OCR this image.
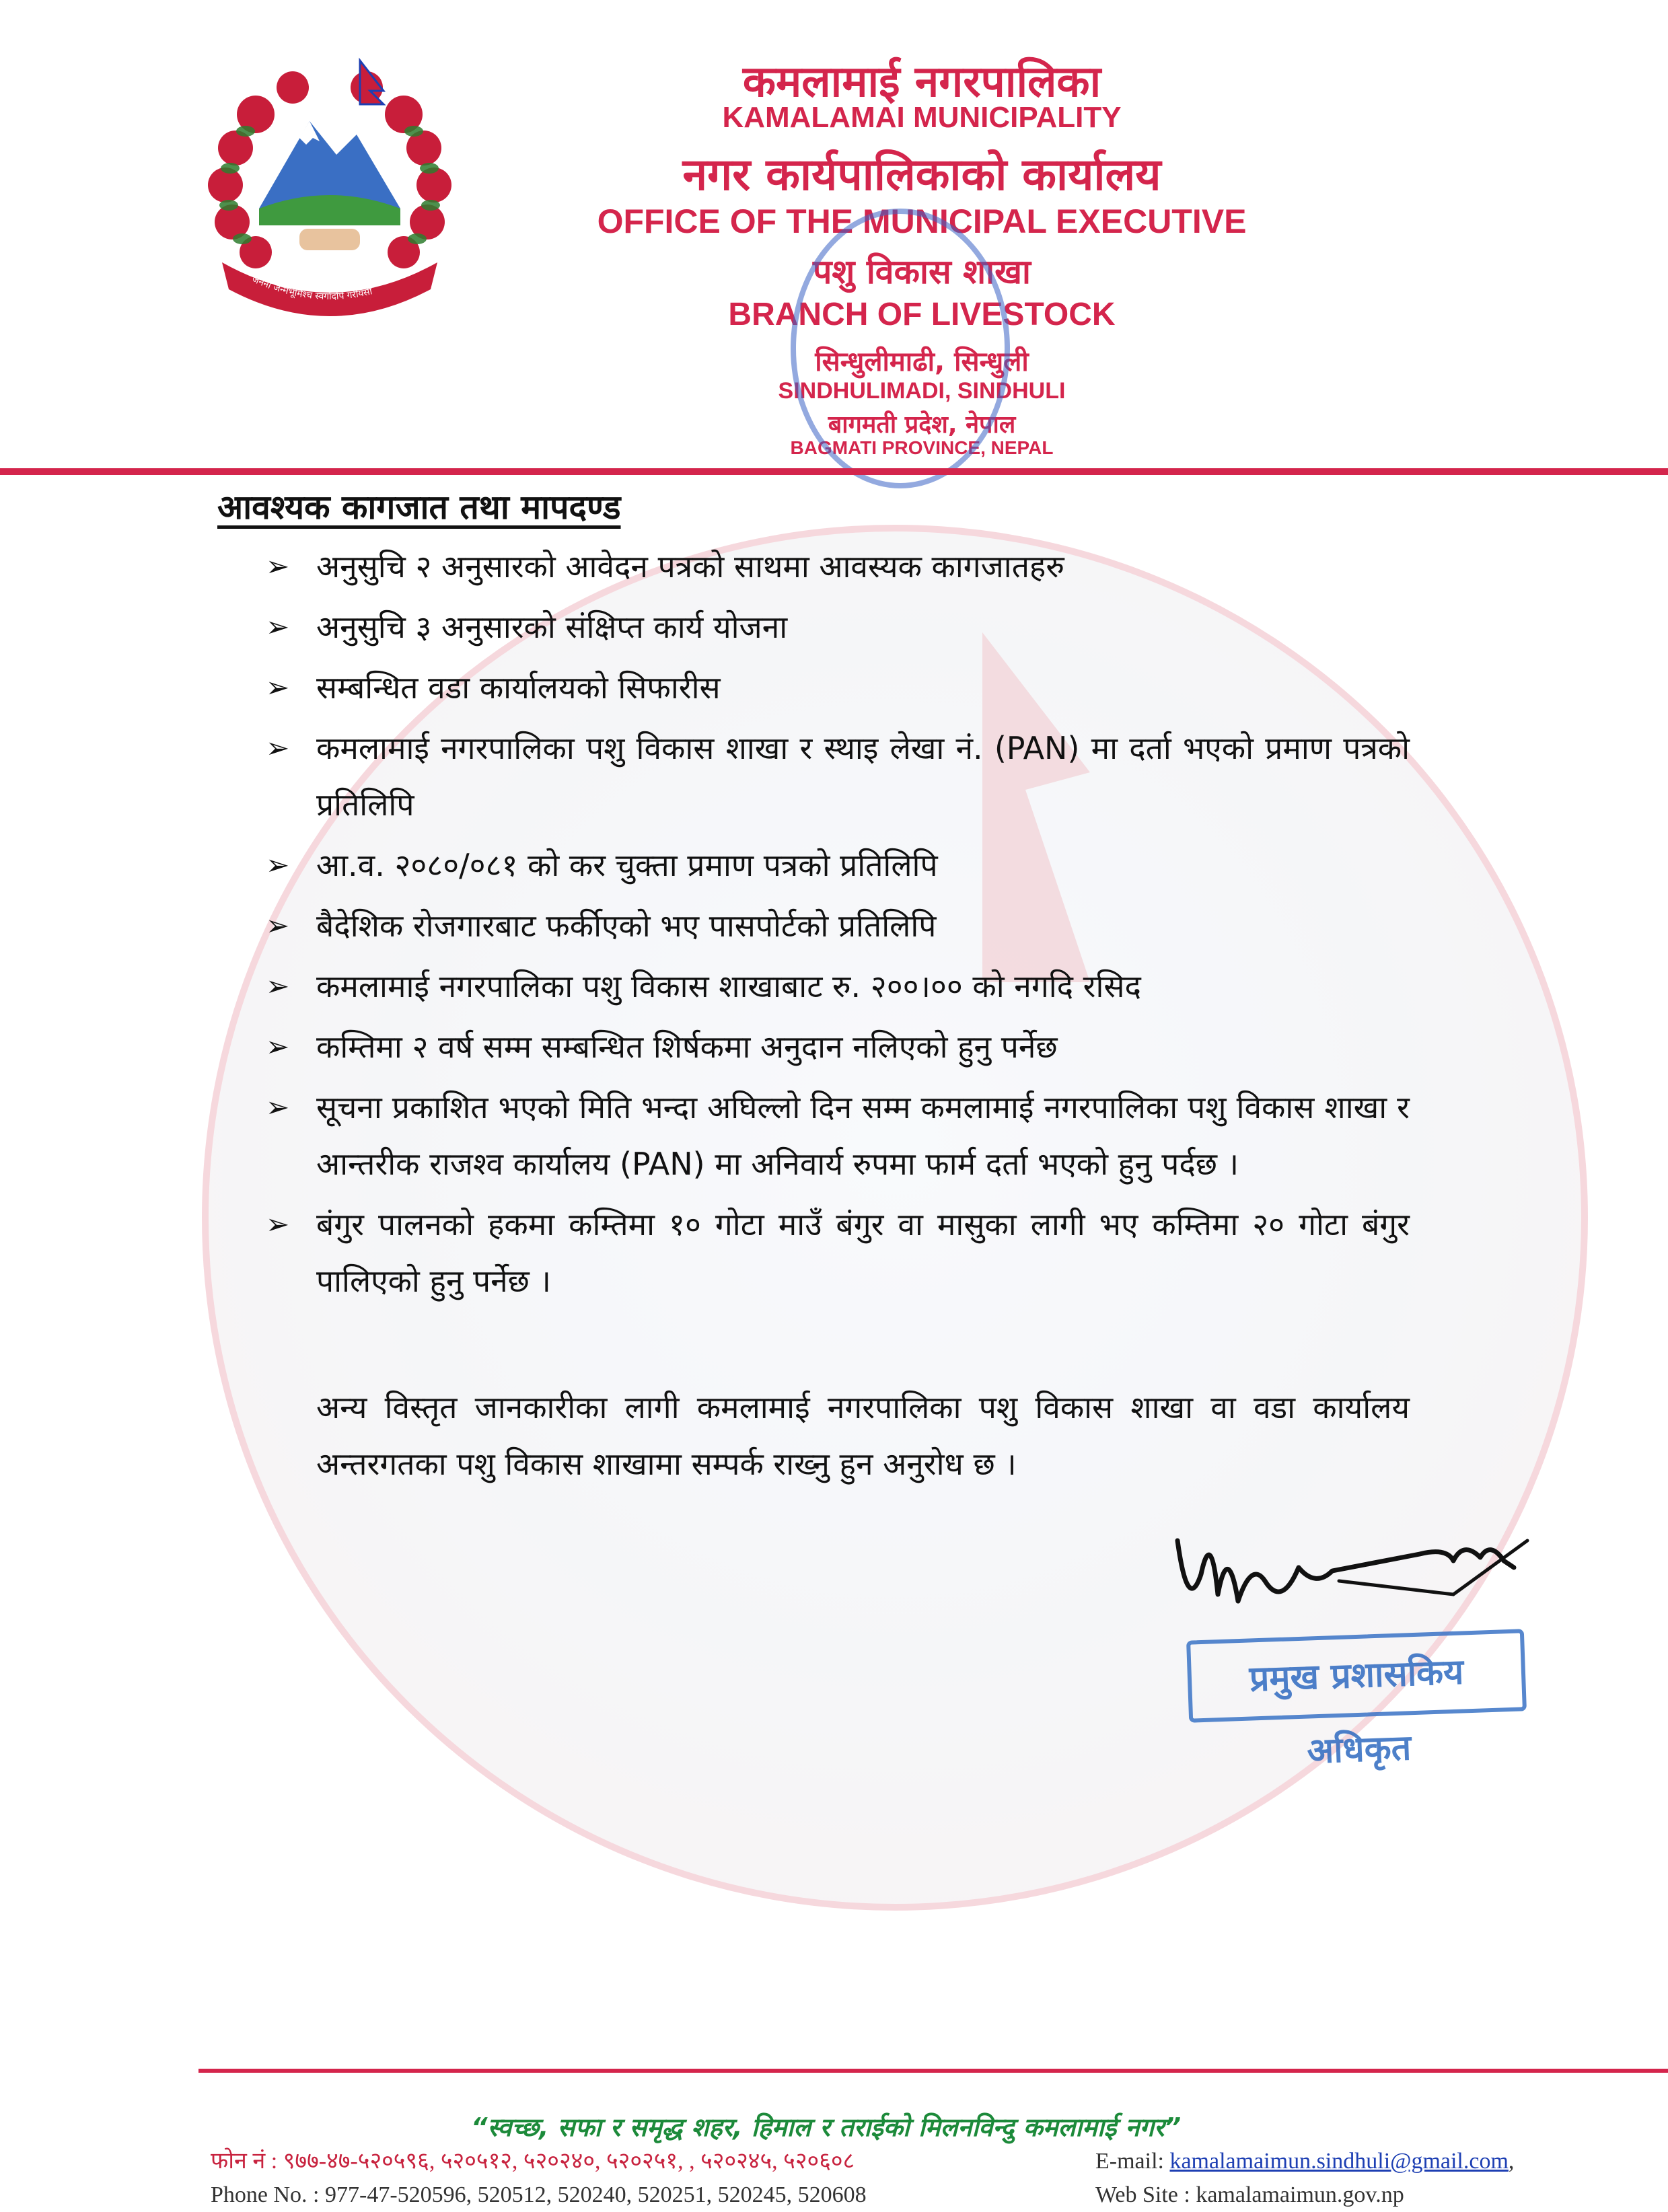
जननी जन्मभूमिश्च स्वर्गादपि गरीयसी
कमलामाई नगरपालिका
KAMALAMAI MUNICIPALITY
नगर कार्यपालिकाको कार्यालय
OFFICE OF THE MUNICIPAL EXECUTIVE
पशु विकास शाखा
BRANCH OF LIVESTOCK
सिन्धुलीमाढी, सिन्धुली
SINDHULIMADI, SINDHULI
बागमती प्रदेश, नेपाल
BAGMATI PROVINCE, NEPAL
आवश्यक कागजात तथा मापदण्ड
➢ अनुसुचि २ अनुसारको आवेदन पत्रको साथमा आवस्यक कागजातहरु
➢ अनुसुचि ३ अनुसारको संक्षिप्त कार्य योजना
➢ सम्बन्धित वडा कार्यालयको सिफारीस
➢ कमलामाई नगरपालिका पशु विकास शाखा र स्थाइ लेखा नं. (PAN) मा दर्ता भएको प्रमाण पत्रको प्रतिलिपि
➢ आ.व. २०८०/०८१ को कर चुक्ता प्रमाण पत्रको प्रतिलिपि
➢ बैदेशिक रोजगारबाट फर्कीएको भए पासपोर्टको प्रतिलिपि
➢ कमलामाई नगरपालिका पशु विकास शाखाबाट रु. २००।०० को नगदि रसिद
➢ कम्तिमा २ वर्ष सम्म सम्बन्धित शिर्षकमा अनुदान नलिएको हुनु पर्नेछ
➢ सूचना प्रकाशित भएको मिति भन्दा अघिल्लो दिन सम्म कमलामाई नगरपालिका पशु विकास शाखा र आन्तरीक राजश्व कार्यालय (PAN) मा अनिवार्य रुपमा फार्म दर्ता भएको हुनु पर्दछ ।
➢ बंगुर पालनको हकमा कम्तिमा १० गोटा माउँ बंगुर वा मासुका लागी भए कम्तिमा २० गोटा बंगुर पालिएको हुनु पर्नेछ ।
अन्य विस्तृत जानकारीका लागी कमलामाई नगरपालिका पशु विकास शाखा वा वडा कार्यालय अन्तरगतका पशु विकास शाखामा सम्पर्क राख्नु हुन अनुरोध छ ।
प्रमुख प्रशासकिय अधिकृत
“स्वच्छ, सफा र समृद्ध शहर, हिमाल र तराईको मिलनविन्दु कमलामाई नगर”
फोन नं : ९७७-४७-५२०५९६, ५२०५१२, ५२०२४०, ५२०२५१, , ५२०२४५, ५२०६०८
Phone No. : 977-47-520596, 520512, 520240, 520251, 520245, 520608
E-mail: kamalamaimun.sindhuli@gmail.com,
Web Site : kamalamaimun.gov.np
